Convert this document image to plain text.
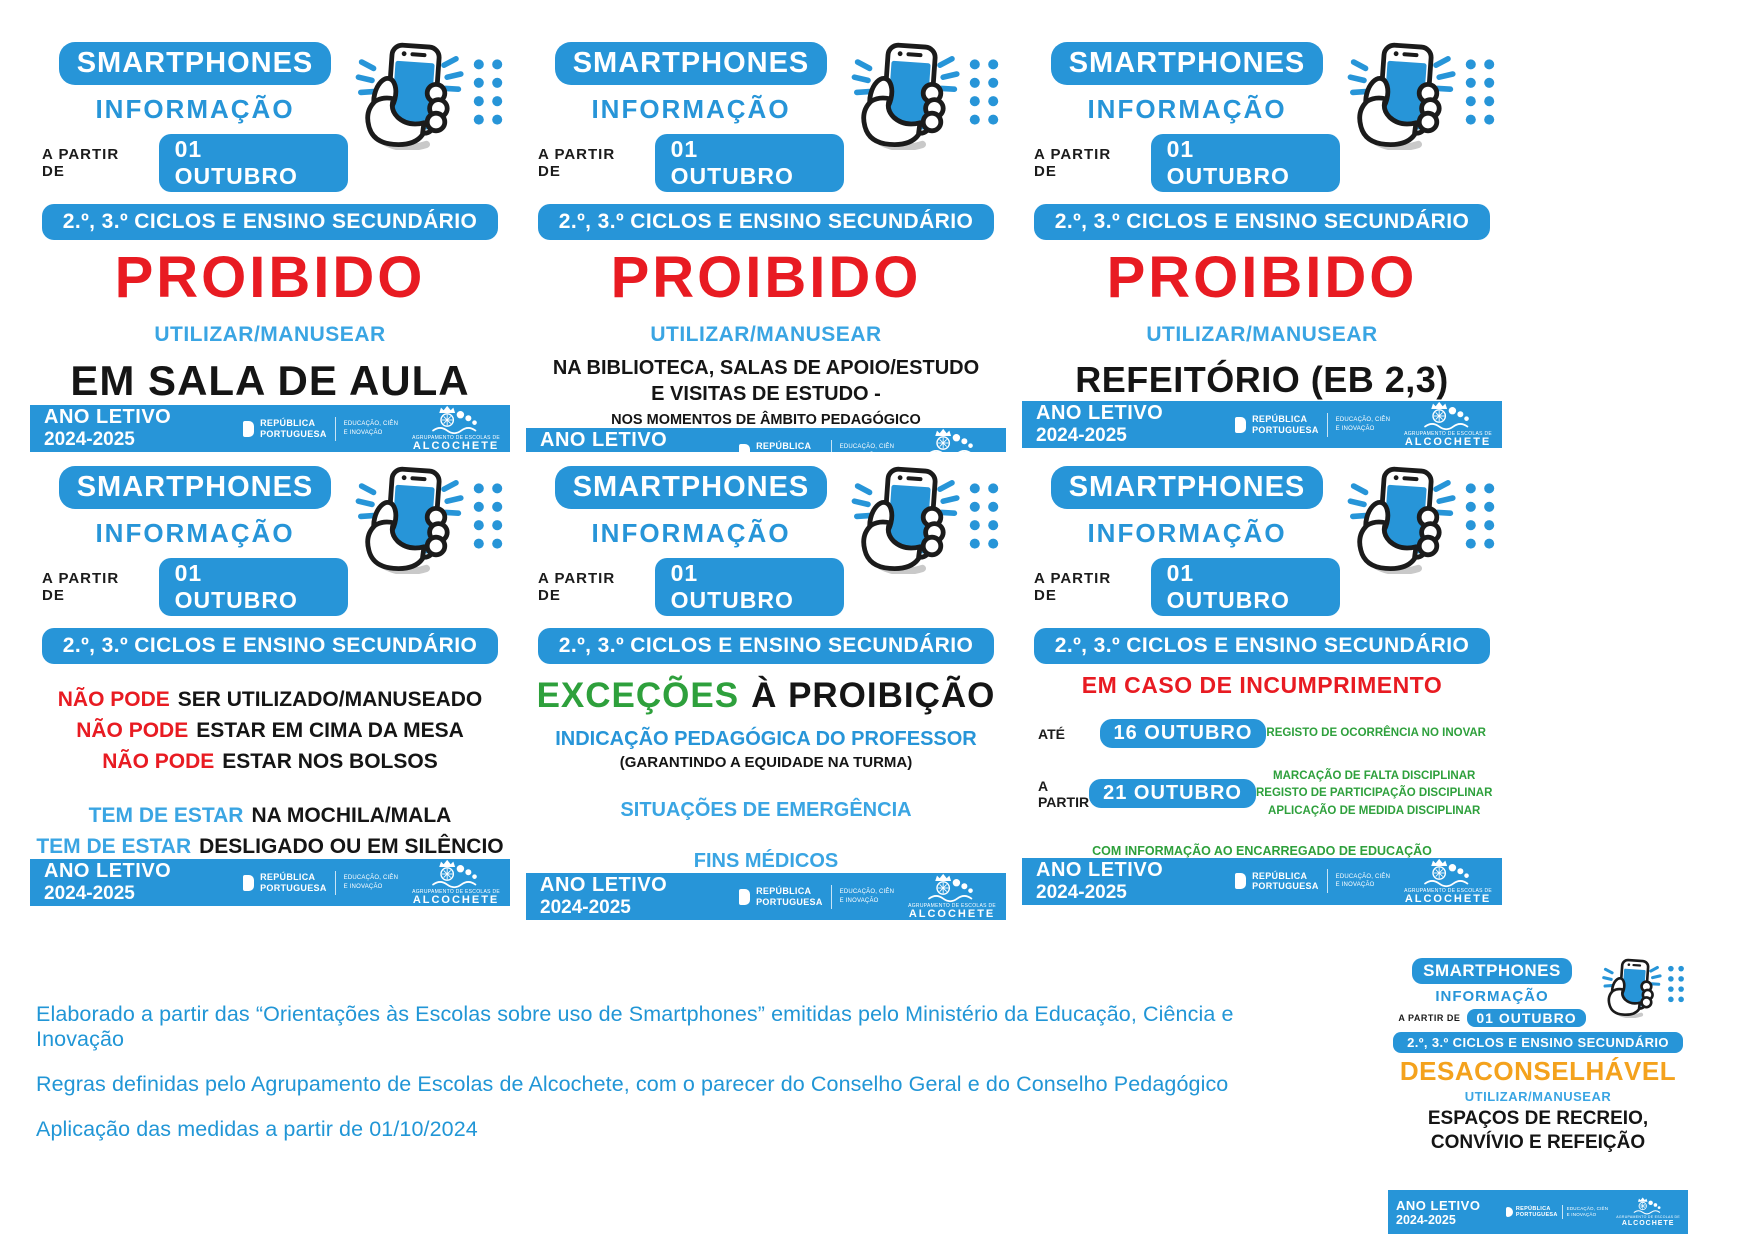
SMARTPHONES
INFORMAÇÃO
A PARTIR DE
01 OUTUBRO
2.º, 3.º CICLOS E ENSINO SECUNDÁRIO
PROIBIDO
UTILIZAR/MANUSEAR
EM SALA DE AULA
ANO LETIVO
2024-2025
REPÚBLICA
PORTUGUESA
EDUCAÇÃO, CIÊN
E INOVAÇÃO
AGRUPAMENTO DE ESCOLAS DE
ALCOCHETE
SMARTPHONES
INFORMAÇÃO
A PARTIR DE
01 OUTUBRO
2.º, 3.º CICLOS E ENSINO SECUNDÁRIO
PROIBIDO
UTILIZAR/MANUSEAR
NA BIBLIOTECA, SALAS DE APOIO/ESTUDO
E VISITAS DE ESTUDO -
NOS MOMENTOS DE ÂMBITO PEDAGÓGICO
ANO LETIVO	REPÚBLICA	EDUCAÇÃO, CIÊN
SMARTPHONES
INFORMAÇÃO
A PARTIR DE
01 OUTUBRO
2.º, 3.º CICLOS E ENSINO SECUNDÁRIO
PROIBIDO
UTILIZAR/MANUSEAR
REFEITÓRIO (EB 2,3)
ANO LETIVO
2024-2025
REPÚBLICA
PORTUGUESA
EDUCAÇÃO, CIÊN
E INOVAÇÃO
AGRUPAMENTO DE ESCOLAS DE
ALCOCHETE
SMARTPHONES
INFORMAÇÃO
A PARTIR DE
01 OUTUBRO
2.º, 3.º CICLOS E ENSINO SECUNDÁRIO
NÃO PODE SER UTILIZADO/MANUSEADO
NÃO PODE ESTAR EM CIMA DA MESA
NÃO PODE ESTAR NOS BOLSOS
TEM DE ESTAR NA MOCHILA/MALA
TEM DE ESTAR DESLIGADO OU EM SILÊNCIO
ANO LETIVO
2024-2025
REPÚBLICA
PORTUGUESA
EDUCAÇÃO, CIÊN
E INOVAÇÃO
AGRUPAMENTO DE ESCOLAS DE
ALCOCHETE
SMARTPHONES
INFORMAÇÃO
A PARTIR DE
01 OUTUBRO
2.º, 3.º CICLOS E ENSINO SECUNDÁRIO
EXCEÇÕES À PROIBIÇÃO
INDICAÇÃO PEDAGÓGICA DO PROFESSOR
(GARANTINDO A EQUIDADE NA TURMA)
SITUAÇÕES DE EMERGÊNCIA
FINS MÉDICOS
ANO LETIVO
2024-2025
REPÚBLICA
PORTUGUESA
EDUCAÇÃO, CIÊN
E INOVAÇÃO
AGRUPAMENTO DE ESCOLAS DE
ALCOCHETE
SMARTPHONES
INFORMAÇÃO
A PARTIR DE
01 OUTUBRO
2.º, 3.º CICLOS E ENSINO SECUNDÁRIO
EM CASO DE INCUMPRIMENTO
ATÉ	16 OUTUBRO	REGISTO DE OCORRÊNCIA NO INOVAR
A PARTIR 21 OUTUBRO
MARCAÇÃO DE FALTA DISCIPLINAR
REGISTO DE PARTICIPAÇÃO DISCIPLINAR
APLICAÇÃO DE MEDIDA DISCIPLINAR
COM INFORMAÇÃO AO ENCARREGADO DE EDUCAÇÃO
ANO LETIVO
2024-2025
REPÚBLICA
PORTUGUESA
EDUCAÇÃO, CIÊN
E INOVAÇÃO
AGRUPAMENTO DE ESCOLAS DE
ALCOCHETE
Elaborado a partir das “Orientações às Escolas sobre uso de Smartphones” emitidas pelo Ministério da Educação, Ciência e Inovação
Regras definidas pelo Agrupamento de Escolas de Alcochete, com o parecer do Conselho Geral e do Conselho Pedagógico
Aplicação das medidas a partir de 01/10/2024
SMARTPHONES
INFORMAÇÃO
A PARTIR DE	01 OUTUBRO
2.º, 3.º CICLOS E ENSINO SECUNDÁRIO
DESACONSELHÁVEL
UTILIZAR/MANUSEAR
ESPAÇOS DE RECREIO,
CONVÍVIO E REFEIÇÃO
ANO LETIVO
2024-2025
REPÚBLICA
PORTUGUESA
EDUCAÇÃO, CIÊN
E INOVAÇÃO
AGRUPAMENTO DE ESCOLAS DE
ALCOCHETE
